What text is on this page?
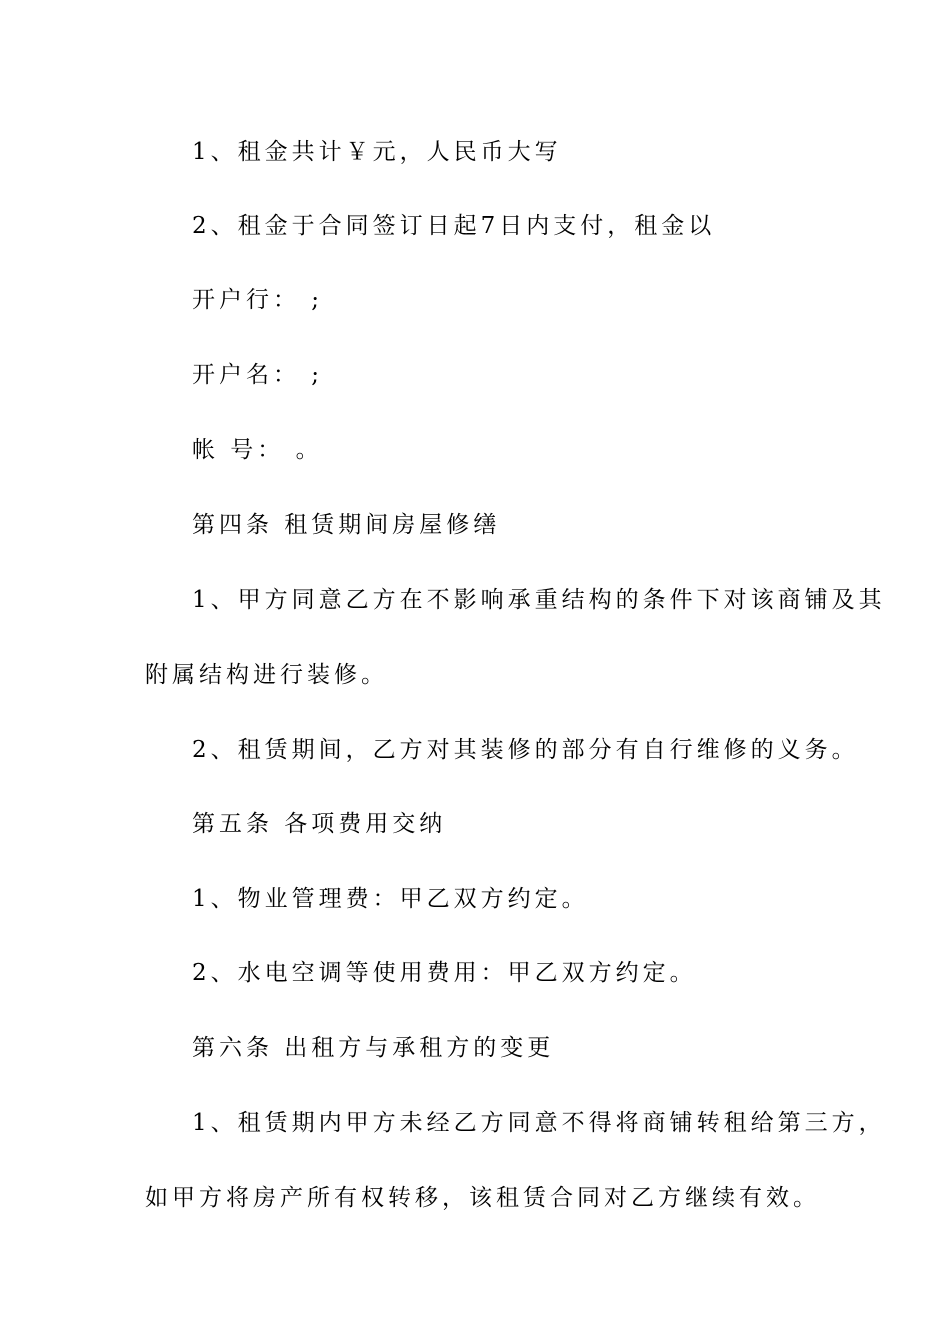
1、租金共计￥元，人民币大写
2、租金于合同签订日起7日内支付，租金以
开户行： ;
开户名： ;
帐 号： 。
第四条 租赁期间房屋修缮
1、甲方同意乙方在不影响承重结构的条件下对该商铺及其
附属结构进行装修。
2、租赁期间，乙方对其装修的部分有自行维修的义务。
第五条 各项费用交纳
1、物业管理费：甲乙双方约定。
2、水电空调等使用费用：甲乙双方约定。
第六条 出租方与承租方的变更
1、租赁期内甲方未经乙方同意不得将商铺转租给第三方，
如甲方将房产所有权转移，该租赁合同对乙方继续有效。
